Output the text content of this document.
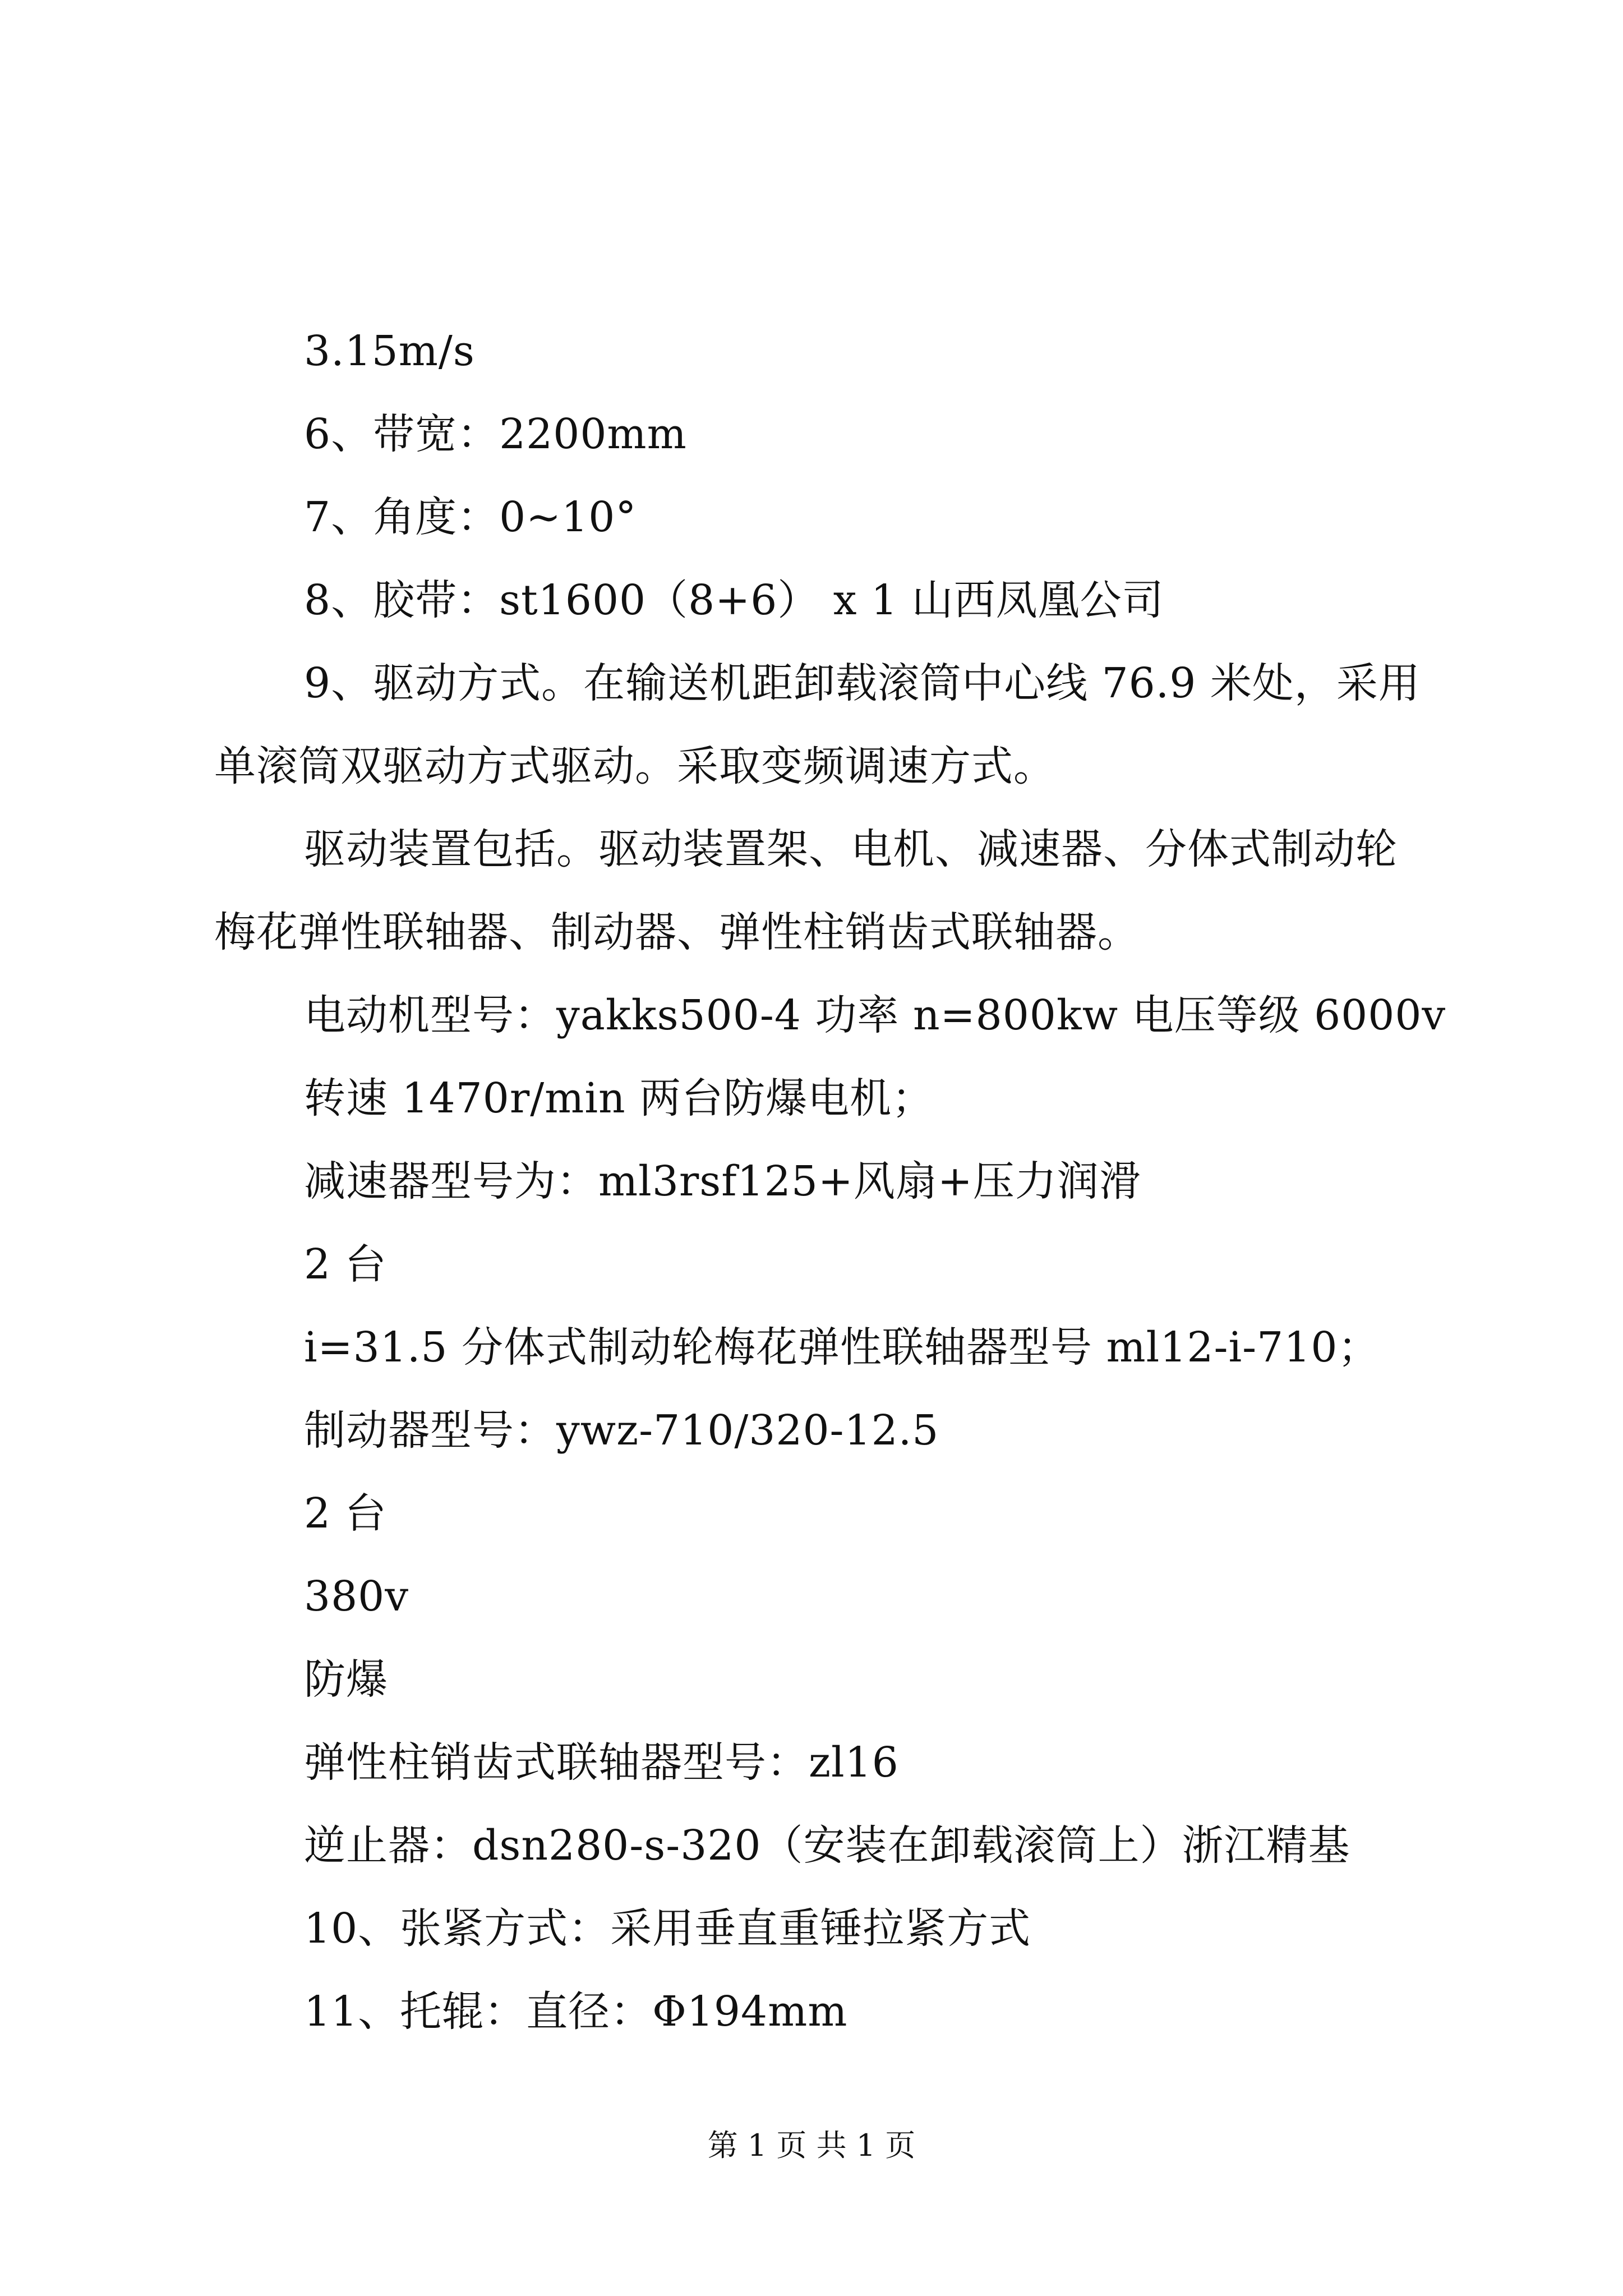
3.15m/s
6、带宽：2200mm
7、角度：0~10°
8、胶带：st1600（8+6） x 1 山西凤凰公司
9、驱动方式。在输送机距卸载滚筒中心线 76.9 米处，采用
单滚筒双驱动方式驱动。采取变频调速方式。
驱动装置包括。驱动装置架、电机、减速器、分体式制动轮
梅花弹性联轴器、制动器、弹性柱销齿式联轴器。
电动机型号：yakks500-4 功率 n=800kw 电压等级 6000v
转速 1470r/min 两台防爆电机；
减速器型号为：ml3rsf125+风扇+压力润滑
2 台
i=31.5 分体式制动轮梅花弹性联轴器型号 ml12-i-710；
制动器型号：ywz-710/320-12.5
2 台
380v
防爆
弹性柱销齿式联轴器型号：zl16
逆止器：dsn280-s-320（安装在卸载滚筒上）浙江精基
10、张紧方式：采用垂直重锤拉紧方式
11、托辊：直径：Φ194mm
第 1 页 共 1 页
